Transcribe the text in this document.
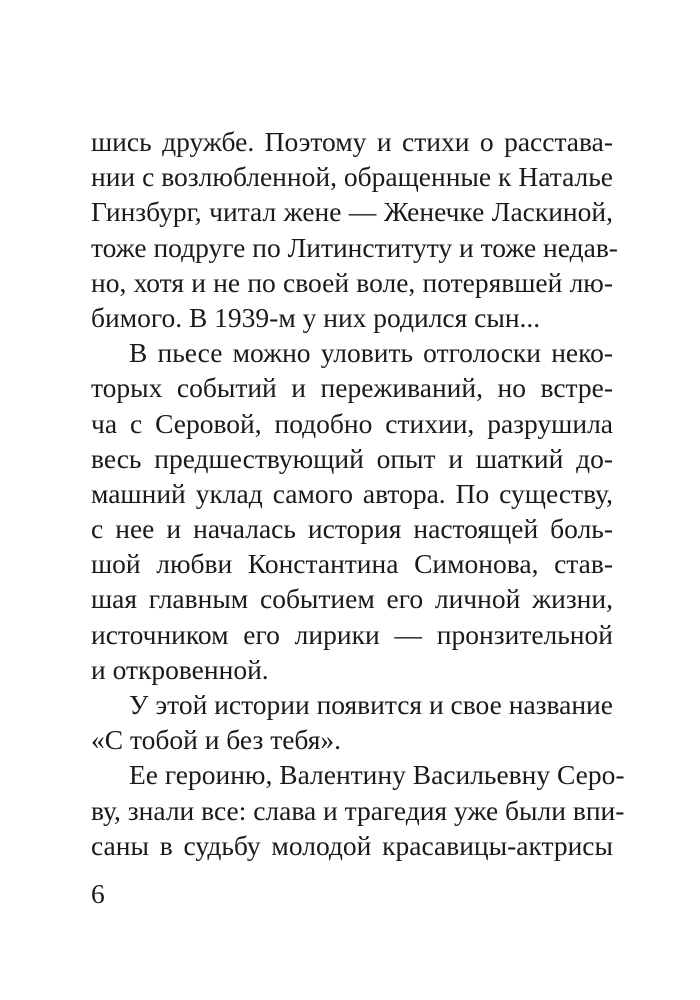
шись дружбе. Поэтому и стихи о расстава-
нии с возлюбленной, обращенные к Наталье
Гинзбург, читал жене — Женечке Ласкиной,
тоже подруге по Литинституту и тоже недав-
но, хотя и не по своей воле, потерявшей лю-
бимого. В 1939-м у них родился сын...
В пьесе можно уловить отголоски неко-
торых событий и переживаний, но встре-
ча с Серовой, подобно стихии, разрушила
весь предшествующий опыт и шаткий до-
машний уклад самого автора. По существу,
с нее и началась история настоящей боль-
шой любви Константина Симонова, став-
шая главным событием его личной жизни,
источником его лирики — пронзительной
и откровенной.
У этой истории появится и свое название
«С тобой и без тебя».
Ее героиню, Валентину Васильевну Серо-
ву, знали все: слава и трагедия уже были впи-
саны в судьбу молодой красавицы-актрисы
6
